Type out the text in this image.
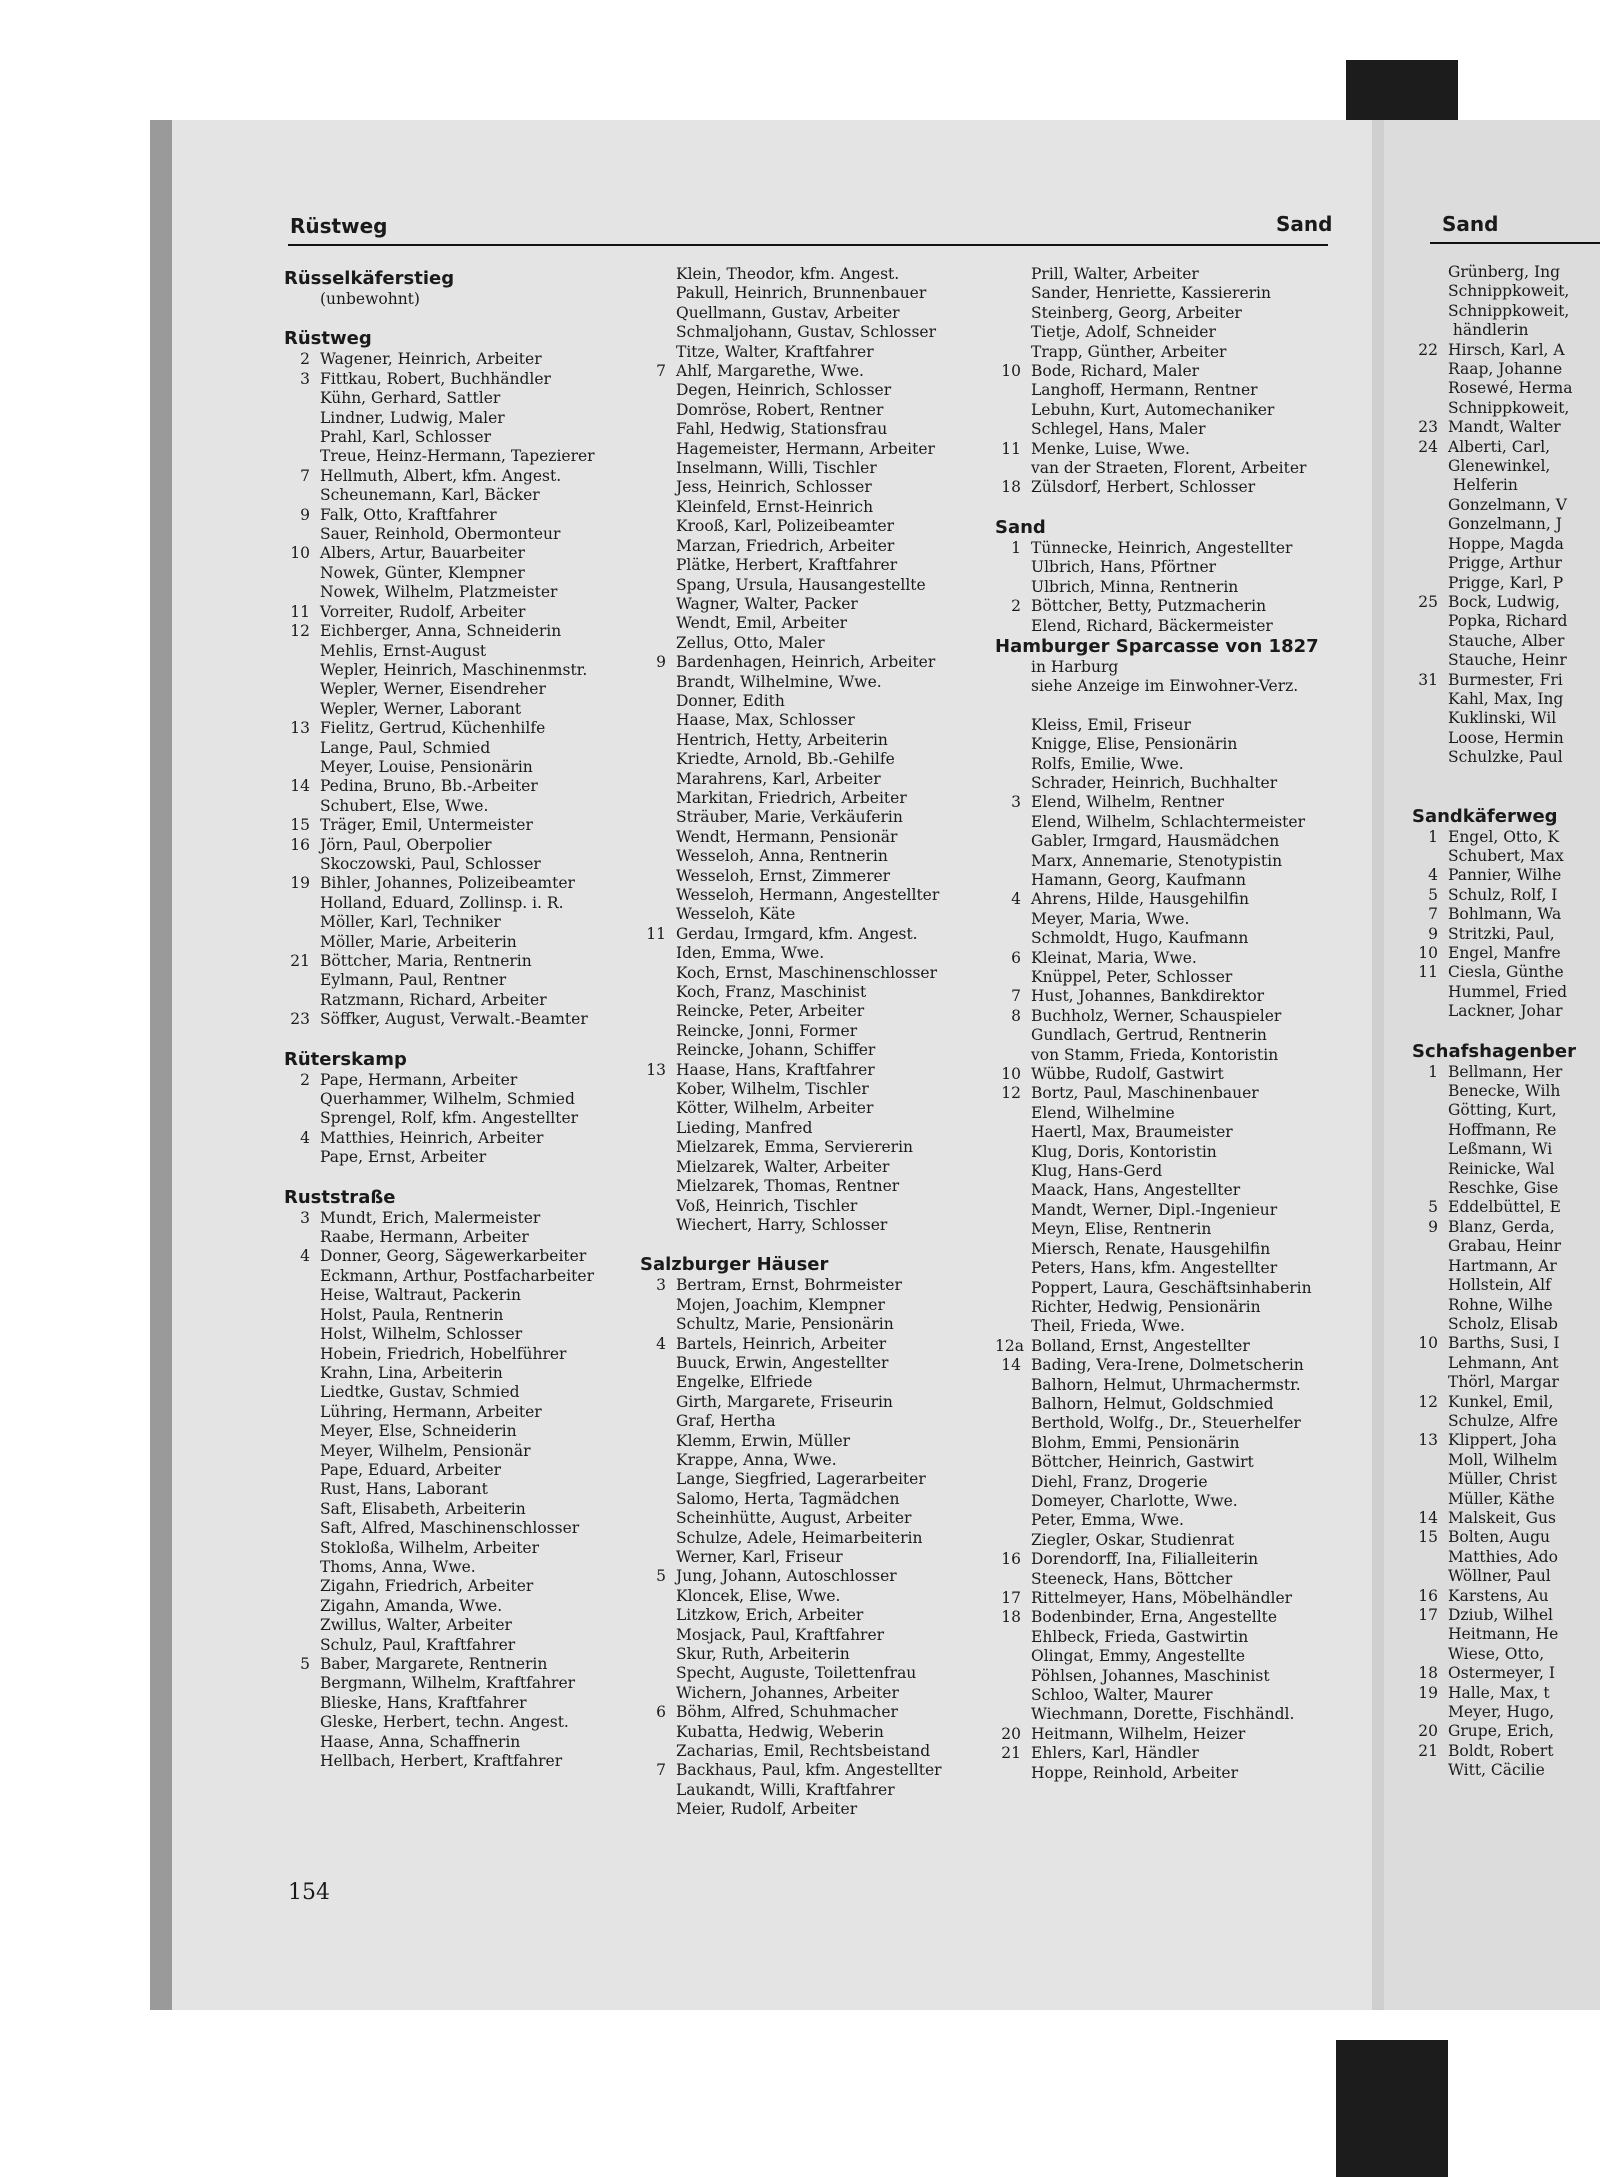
Rüstweg	Sand	Sand
Rüsselkäferstieg
(unbewohnt)
Rüstweg
2 Wagener, Heinrich, Arbeiter
3 Fittkau, Robert, Buchhändler
Kühn, Gerhard, Sattler
Lindner, Ludwig, Maler
Prahl, Karl, Schlosser
Treue, Heinz-Hermann, Tapezierer
7 Hellmuth, Albert, kfm. Angest.
Scheunemann, Karl, Bäcker
9 Falk, Otto, Kraftfahrer
Sauer, Reinhold, Obermonteur
10 Albers, Artur, Bauarbeiter
Nowek, Günter, Klempner
Nowek, Wilhelm, Platzmeister
11 Vorreiter, Rudolf, Arbeiter
12 Eichberger, Anna, Schneiderin
Mehlis, Ernst-August
Wepler, Heinrich, Maschinenmstr.
Wepler, Werner, Eisendreher
Wepler, Werner, Laborant
13 Fielitz, Gertrud, Küchenhilfe
Lange, Paul, Schmied
Meyer, Louise, Pensionärin
14 Pedina, Bruno, Bb.-Arbeiter
Schubert, Else, Wwe.
15 Träger, Emil, Untermeister
16 Jörn, Paul, Oberpolier
Skoczowski, Paul, Schlosser
19 Bihler, Johannes, Polizeibeamter
Holland, Eduard, Zollinsp. i. R.
Möller, Karl, Techniker
Möller, Marie, Arbeiterin
21 Böttcher, Maria, Rentnerin
Eylmann, Paul, Rentner
Ratzmann, Richard, Arbeiter
23 Söffker, August, Verwalt.-Beamter
Rüterskamp
2 Pape, Hermann, Arbeiter
Querhammer, Wilhelm, Schmied
Sprengel, Rolf, kfm. Angestellter
4 Matthies, Heinrich, Arbeiter
Pape, Ernst, Arbeiter
Ruststraße
3 Mundt, Erich, Malermeister
Raabe, Hermann, Arbeiter
4 Donner, Georg, Sägewerkarbeiter
Eckmann, Arthur, Postfacharbeiter
Heise, Waltraut, Packerin
Holst, Paula, Rentnerin
Holst, Wilhelm, Schlosser
Hobein, Friedrich, Hobelführer
Krahn, Lina, Arbeiterin
Liedtke, Gustav, Schmied
Lühring, Hermann, Arbeiter
Meyer, Else, Schneiderin
Meyer, Wilhelm, Pensionär
Pape, Eduard, Arbeiter
Rust, Hans, Laborant
Saft, Elisabeth, Arbeiterin
Saft, Alfred, Maschinenschlosser
Stokloßa, Wilhelm, Arbeiter
Thoms, Anna, Wwe.
Zigahn, Friedrich, Arbeiter
Zigahn, Amanda, Wwe.
Zwillus, Walter, Arbeiter
Schulz, Paul, Kraftfahrer
5 Baber, Margarete, Rentnerin
Bergmann, Wilhelm, Kraftfahrer
Blieske, Hans, Kraftfahrer
Gleske, Herbert, techn. Angest.
Haase, Anna, Schaffnerin
Hellbach, Herbert, Kraftfahrer
Klein, Theodor, kfm. Angest.
Pakull, Heinrich, Brunnenbauer
Quellmann, Gustav, Arbeiter
Schmaljohann, Gustav, Schlosser
Titze, Walter, Kraftfahrer
7 Ahlf, Margarethe, Wwe.
Degen, Heinrich, Schlosser
Domröse, Robert, Rentner
Fahl, Hedwig, Stationsfrau
Hagemeister, Hermann, Arbeiter
Inselmann, Willi, Tischler
Jess, Heinrich, Schlosser
Kleinfeld, Ernst-Heinrich
Krooß, Karl, Polizeibeamter
Marzan, Friedrich, Arbeiter
Plätke, Herbert, Kraftfahrer
Spang, Ursula, Hausangestellte
Wagner, Walter, Packer
Wendt, Emil, Arbeiter
Zellus, Otto, Maler
9 Bardenhagen, Heinrich, Arbeiter
Brandt, Wilhelmine, Wwe.
Donner, Edith
Haase, Max, Schlosser
Hentrich, Hetty, Arbeiterin
Kriedte, Arnold, Bb.-Gehilfe
Marahrens, Karl, Arbeiter
Markitan, Friedrich, Arbeiter
Sträuber, Marie, Verkäuferin
Wendt, Hermann, Pensionär
Wesseloh, Anna, Rentnerin
Wesseloh, Ernst, Zimmerer
Wesseloh, Hermann, Angestellter
Wesseloh, Käte
11 Gerdau, Irmgard, kfm. Angest.
Iden, Emma, Wwe.
Koch, Ernst, Maschinenschlosser
Koch, Franz, Maschinist
Reincke, Peter, Arbeiter
Reincke, Jonni, Former
Reincke, Johann, Schiffer
13 Haase, Hans, Kraftfahrer
Kober, Wilhelm, Tischler
Kötter, Wilhelm, Arbeiter
Lieding, Manfred
Mielzarek, Emma, Serviererin
Mielzarek, Walter, Arbeiter
Mielzarek, Thomas, Rentner
Voß, Heinrich, Tischler
Wiechert, Harry, Schlosser
Salzburger Häuser
3 Bertram, Ernst, Bohrmeister
Mojen, Joachim, Klempner
Schultz, Marie, Pensionärin
4 Bartels, Heinrich, Arbeiter
Buuck, Erwin, Angestellter
Engelke, Elfriede
Girth, Margarete, Friseurin
Graf, Hertha
Klemm, Erwin, Müller
Krappe, Anna, Wwe.
Lange, Siegfried, Lagerarbeiter
Salomo, Herta, Tagmädchen
Scheinhütte, August, Arbeiter
Schulze, Adele, Heimarbeiterin
Werner, Karl, Friseur
5 Jung, Johann, Autoschlosser
Kloncek, Elise, Wwe.
Litzkow, Erich, Arbeiter
Mosjack, Paul, Kraftfahrer
Skur, Ruth, Arbeiterin
Specht, Auguste, Toilettenfrau
Wichern, Johannes, Arbeiter
6 Böhm, Alfred, Schuhmacher
Kubatta, Hedwig, Weberin
Zacharias, Emil, Rechtsbeistand
7 Backhaus, Paul, kfm. Angestellter
Laukandt, Willi, Kraftfahrer
Meier, Rudolf, Arbeiter
Prill, Walter, Arbeiter
Sander, Henriette, Kassiererin
Steinberg, Georg, Arbeiter
Tietje, Adolf, Schneider
Trapp, Günther, Arbeiter
10 Bode, Richard, Maler
Langhoff, Hermann, Rentner
Lebuhn, Kurt, Automechaniker
Schlegel, Hans, Maler
11 Menke, Luise, Wwe.
van der Straeten, Florent, Arbeiter
18 Zülsdorf, Herbert, Schlosser
Sand
1 Tünnecke, Heinrich, Angestellter
Ulbrich, Hans, Pförtner
Ulbrich, Minna, Rentnerin
2 Böttcher, Betty, Putzmacherin
Elend, Richard, Bäckermeister
Hamburger Sparcasse von 1827
in Harburg
siehe Anzeige im Einwohner-Verz.
Kleiss, Emil, Friseur
Knigge, Elise, Pensionärin
Rolfs, Emilie, Wwe.
Schrader, Heinrich, Buchhalter
3 Elend, Wilhelm, Rentner
Elend, Wilhelm, Schlachtermeister
Gabler, Irmgard, Hausmädchen
Marx, Annemarie, Stenotypistin
Hamann, Georg, Kaufmann
4 Ahrens, Hilde, Hausgehilfin
Meyer, Maria, Wwe.
Schmoldt, Hugo, Kaufmann
6 Kleinat, Maria, Wwe.
Knüppel, Peter, Schlosser
7 Hust, Johannes, Bankdirektor
8 Buchholz, Werner, Schauspieler
Gundlach, Gertrud, Rentnerin
von Stamm, Frieda, Kontoristin
10 Wübbe, Rudolf, Gastwirt
12 Bortz, Paul, Maschinenbauer
Elend, Wilhelmine
Haertl, Max, Braumeister
Klug, Doris, Kontoristin
Klug, Hans-Gerd
Maack, Hans, Angestellter
Mandt, Werner, Dipl.-Ingenieur
Meyn, Elise, Rentnerin
Miersch, Renate, Hausgehilfin
Peters, Hans, kfm. Angestellter
Poppert, Laura, Geschäftsinhaberin
Richter, Hedwig, Pensionärin
Theil, Frieda, Wwe.
12a Bolland, Ernst, Angestellter
14 Bading, Vera-Irene, Dolmetscherin
Balhorn, Helmut, Uhrmachermstr.
Balhorn, Helmut, Goldschmied
Berthold, Wolfg., Dr., Steuerhelfer
Blohm, Emmi, Pensionärin
Böttcher, Heinrich, Gastwirt
Diehl, Franz, Drogerie
Domeyer, Charlotte, Wwe.
Peter, Emma, Wwe.
Ziegler, Oskar, Studienrat
16 Dorendorff, Ina, Filialleiterin
Steeneck, Hans, Böttcher
17 Rittelmeyer, Hans, Möbelhändler
18 Bodenbinder, Erna, Angestellte
Ehlbeck, Frieda, Gastwirtin
Olingat, Emmy, Angestellte
Pöhlsen, Johannes, Maschinist
Schloo, Walter, Maurer
Wiechmann, Dorette, Fischhändl.
20 Heitmann, Wilhelm, Heizer
21 Ehlers, Karl, Händler
Hoppe, Reinhold, Arbeiter
Grünberg, Ing
Schnippkoweit,
Schnippkoweit,
händlerin
22 Hirsch, Karl, A
Raap, Johanne
Rosewé, Herma
Schnippkoweit,
23 Mandt, Walter
24 Alberti, Carl,
Glenewinkel,
Helferin
Gonzelmann, V
Gonzelmann, J
Hoppe, Magda
Prigge, Arthur
Prigge, Karl, P
25 Bock, Ludwig,
Popka, Richard
Stauche, Alber
Stauche, Heinr
31 Burmester, Fri
Kahl, Max, Ing
Kuklinski, Wil
Loose, Hermin
Schulzke, Paul
Sandkäferweg
1 Engel, Otto, K
Schubert, Max
4 Pannier, Wilhe
5 Schulz, Rolf, I
7 Bohlmann, Wa
9 Stritzki, Paul,
10 Engel, Manfre
11 Ciesla, Günthe
Hummel, Fried
Lackner, Johar
Schafshagenber
1 Bellmann, Her
Benecke, Wilh
Götting, Kurt,
Hoffmann, Re
Leßmann, Wi
Reinicke, Wal
Reschke, Gise
5 Eddelbüttel, E
9 Blanz, Gerda,
Grabau, Heinr
Hartmann, Ar
Hollstein, Alf
Rohne, Wilhe
Scholz, Elisab
10 Barths, Susi, I
Lehmann, Ant
Thörl, Margar
12 Kunkel, Emil,
Schulze, Alfre
13 Klippert, Joha
Moll, Wilhelm
Müller, Christ
Müller, Käthe
14 Malskeit, Gus
15 Bolten, Augu
Matthies, Ado
Wöllner, Paul
16 Karstens, Au
17 Dziub, Wilhel
Heitmann, He
Wiese, Otto,
18 Ostermeyer, I
19 Halle, Max, t
Meyer, Hugo,
20 Grupe, Erich,
21 Boldt, Robert
Witt, Cäcilie
154
